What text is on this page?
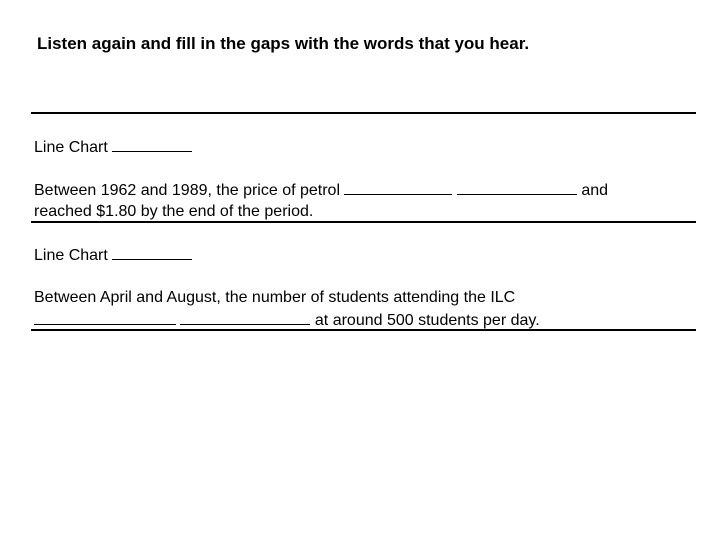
Listen again and fill in the gaps with the words that you hear.
Line Chart
Between 1962 and 1989, the price of petrol	and
reached $1.80 by the end of the period.
Line Chart
Between April and August, the number of students attending the ILC
at around 500 students per day.
